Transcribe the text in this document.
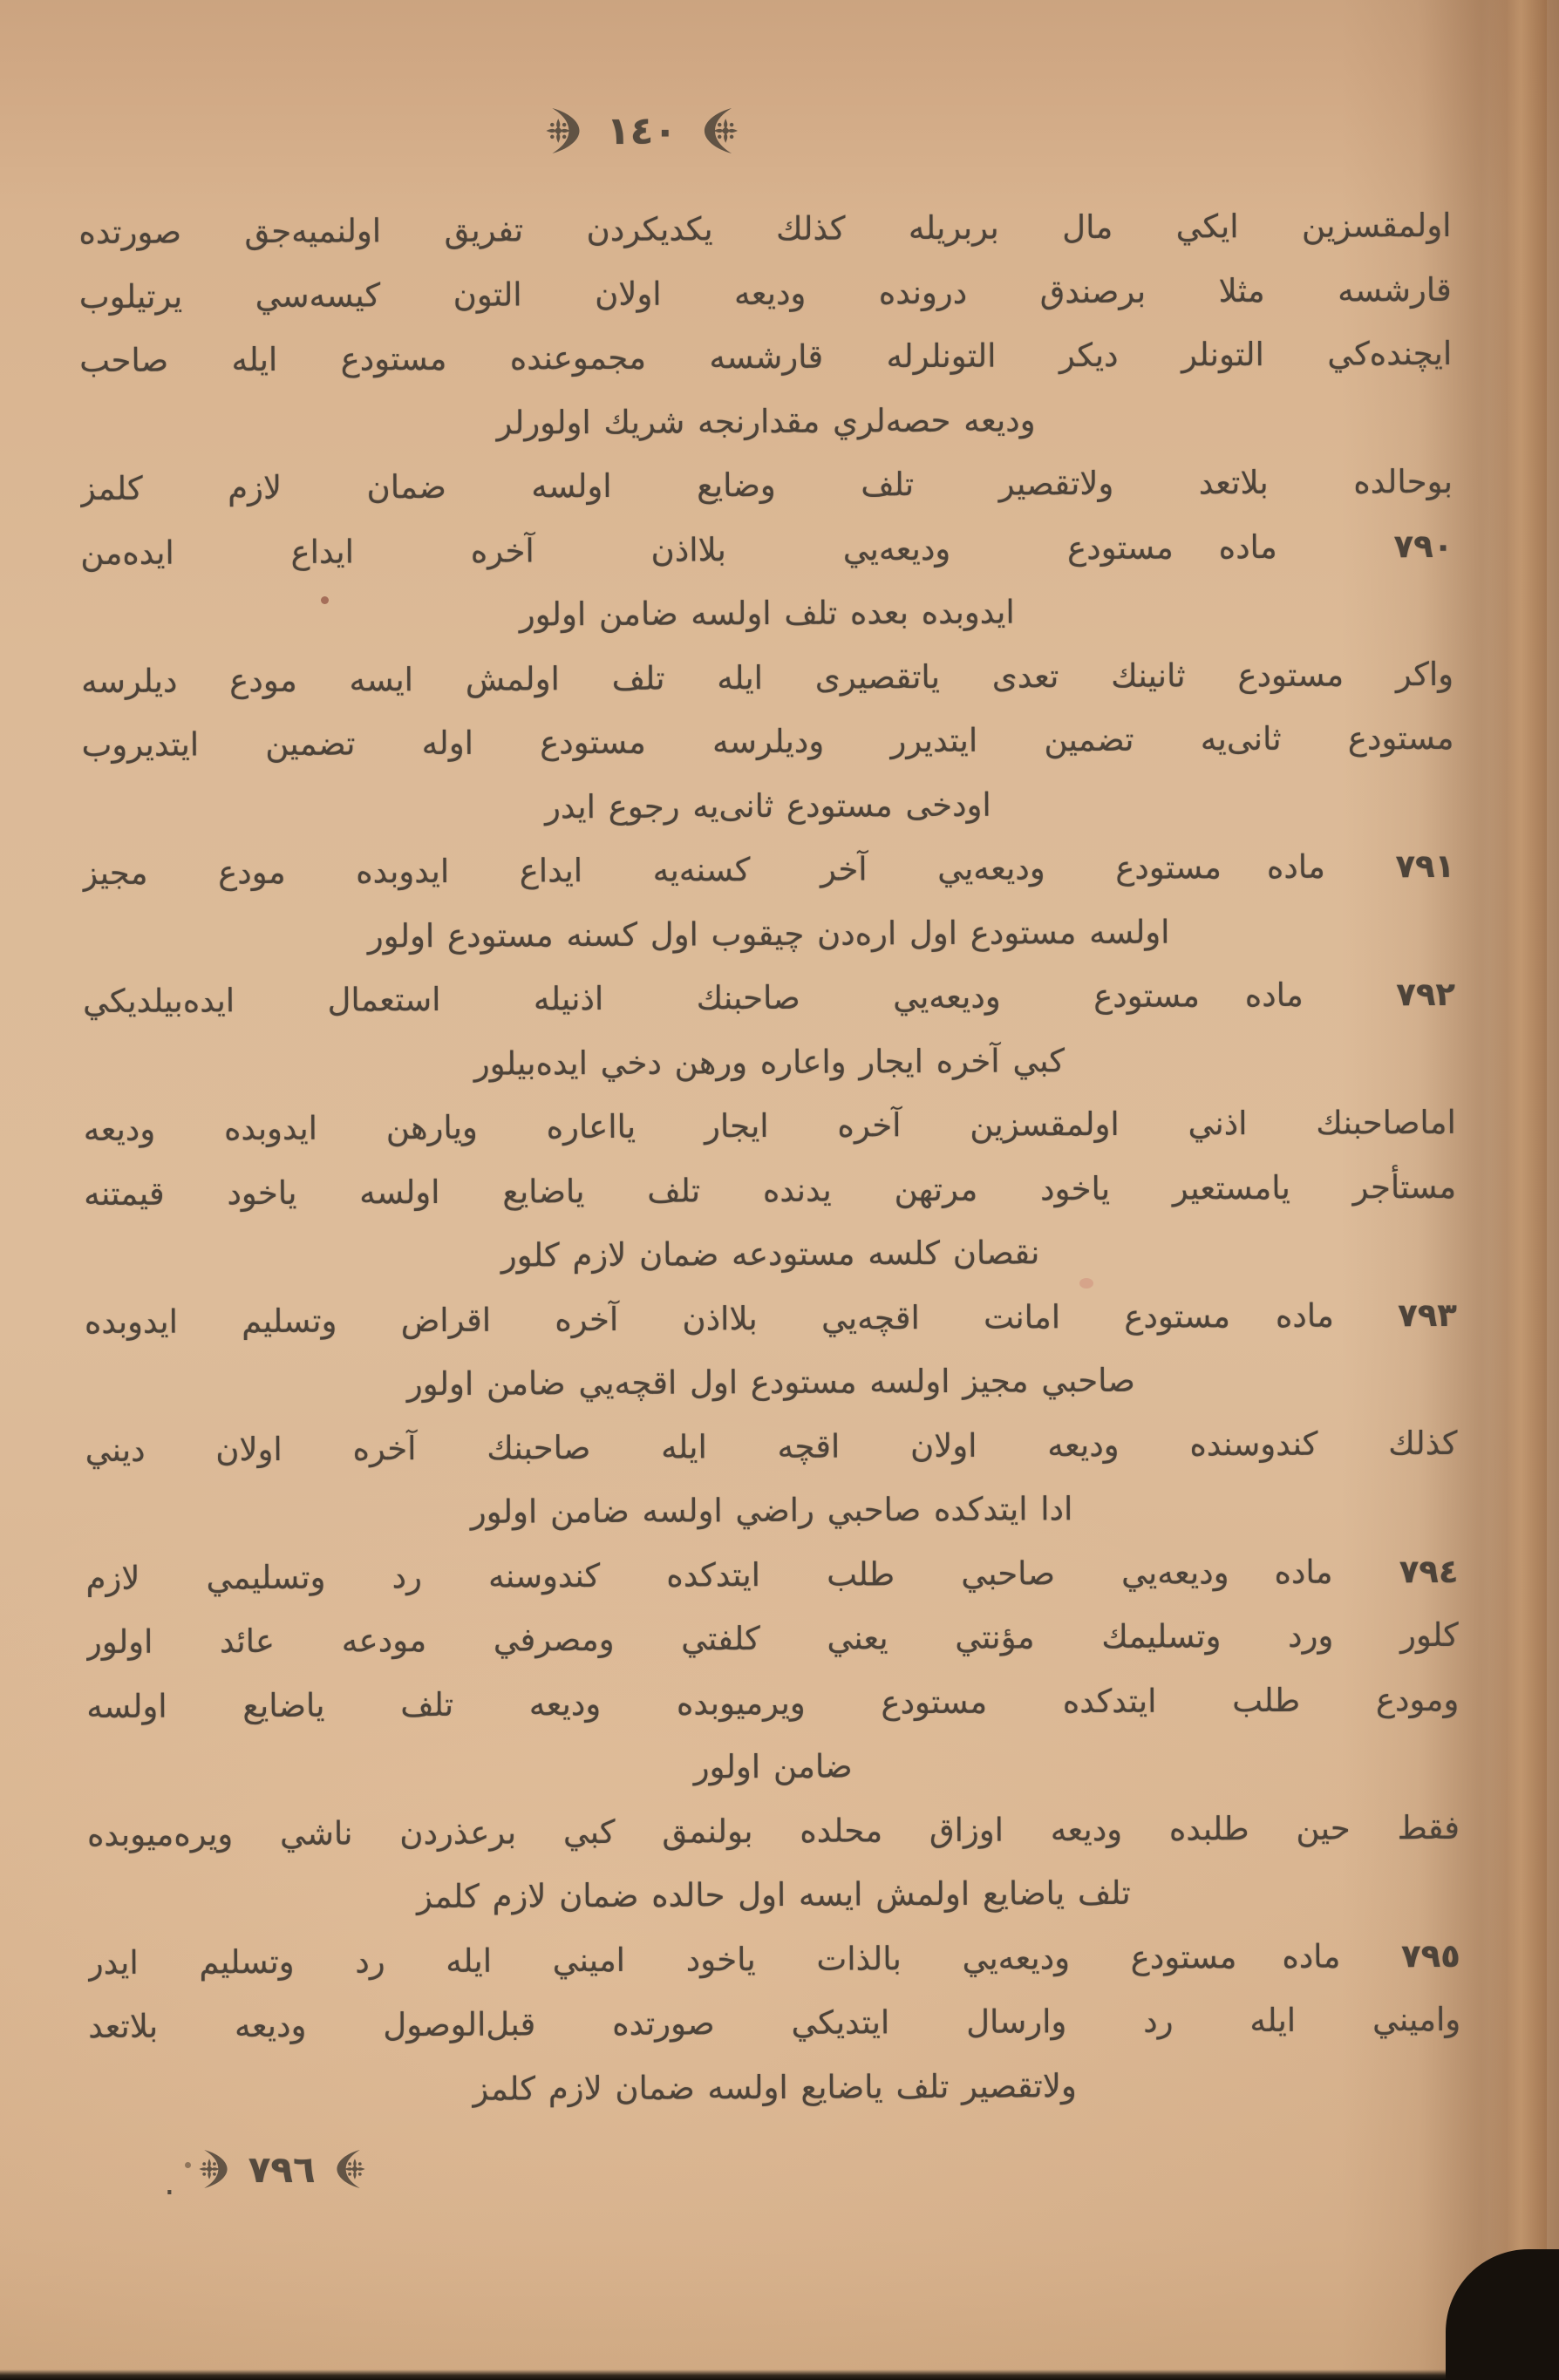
١٤٠
اولمقسزين ايكي مال بربريله كذلك يكديكردن تفريق اولنميه‌جق صورتده
قارشسه مثلا برصندق درونده وديعه اولان التون كيسه‌سي يرتيلوب
ايچنده‌كي التونلر ديكر التونلرله قارشسه مجموعنده مستودع ايله صاحب
وديعه حصه‌لري مقدارنجه شريك اولورلر
بوحالده بلاتعد ولاتقصير تلف وضايع اولسه ضمان لازم كلمز
٧٩٠ مادهمستودع وديعه‌يي بلااذن آخره ايداع ايده‌من
ايدوبده بعده تلف اولسه ضامن اولور
واكر مستودع ثانينك تعدى ياتقصيرى ايله تلف اولمش ايسه مودع ديلرسه
مستودع ثانى‌يه تضمين ايتديرر وديلرسه مستودع اوله تضمين ايتديروب
اودخى مستودع ثانى‌يه رجوع ايدر
٧٩١ مادهمستودع وديعه‌يي آخر كسنه‌يه ايداع ايدوبده مودع مجيز
اولسه مستودع اول اره‌دن چيقوب اول كسنه مستودع اولور
٧٩٢ مادهمستودع وديعه‌يي صاحبنك اذنيله استعمال ايده‌بيلديكي
كبي آخره ايجار واعاره ورهن دخي ايده‌بيلور
اماصاحبنك اذني اولمقسزين آخره ايجار يااعاره ويارهن ايدوبده وديعه
مستأجر يامستعير ياخود مرتهن يدنده تلف ياضايع اولسه ياخود قيمتنه
نقصان كلسه مستودعه ضمان لازم كلور
٧٩٣ مادهمستودع امانت اقچه‌يي بلااذن آخره اقراض وتسليم ايدوبده
صاحبي مجيز اولسه مستودع اول اقچه‌يي ضامن اولور
كذلك كندوسنده وديعه اولان اقچه ايله صاحبنك آخره اولان ديني
ادا ايتدكده صاحبي راضي اولسه ضامن اولور
٧٩٤ مادهوديعه‌يي صاحبي طلب ايتدكده كندوسنه رد وتسليمي لازم
كلور ورد وتسليمك مؤنتي يعني كلفتي ومصرفي مودعه عائد اولور
ومودع طلب ايتدكده مستودع ويرميوبده وديعه تلف ياضايع اولسه
ضامن اولور
فقط حين طلبده وديعه اوزاق محلده بولنمق كبي برعذردن ناشي ويره‌ميوبده
تلف ياضايع اولمش ايسه اول حالده ضمان لازم كلمز
٧٩٥ مادهمستودع وديعه‌يي بالذات ياخود اميني ايله رد وتسليم ايدر
واميني ايله رد وارسال ايتديكي صورتده قبل‌الوصول وديعه بلاتعد
ولاتقصير تلف ياضايع اولسه ضمان لازم كلمز
٧٩٦
.
